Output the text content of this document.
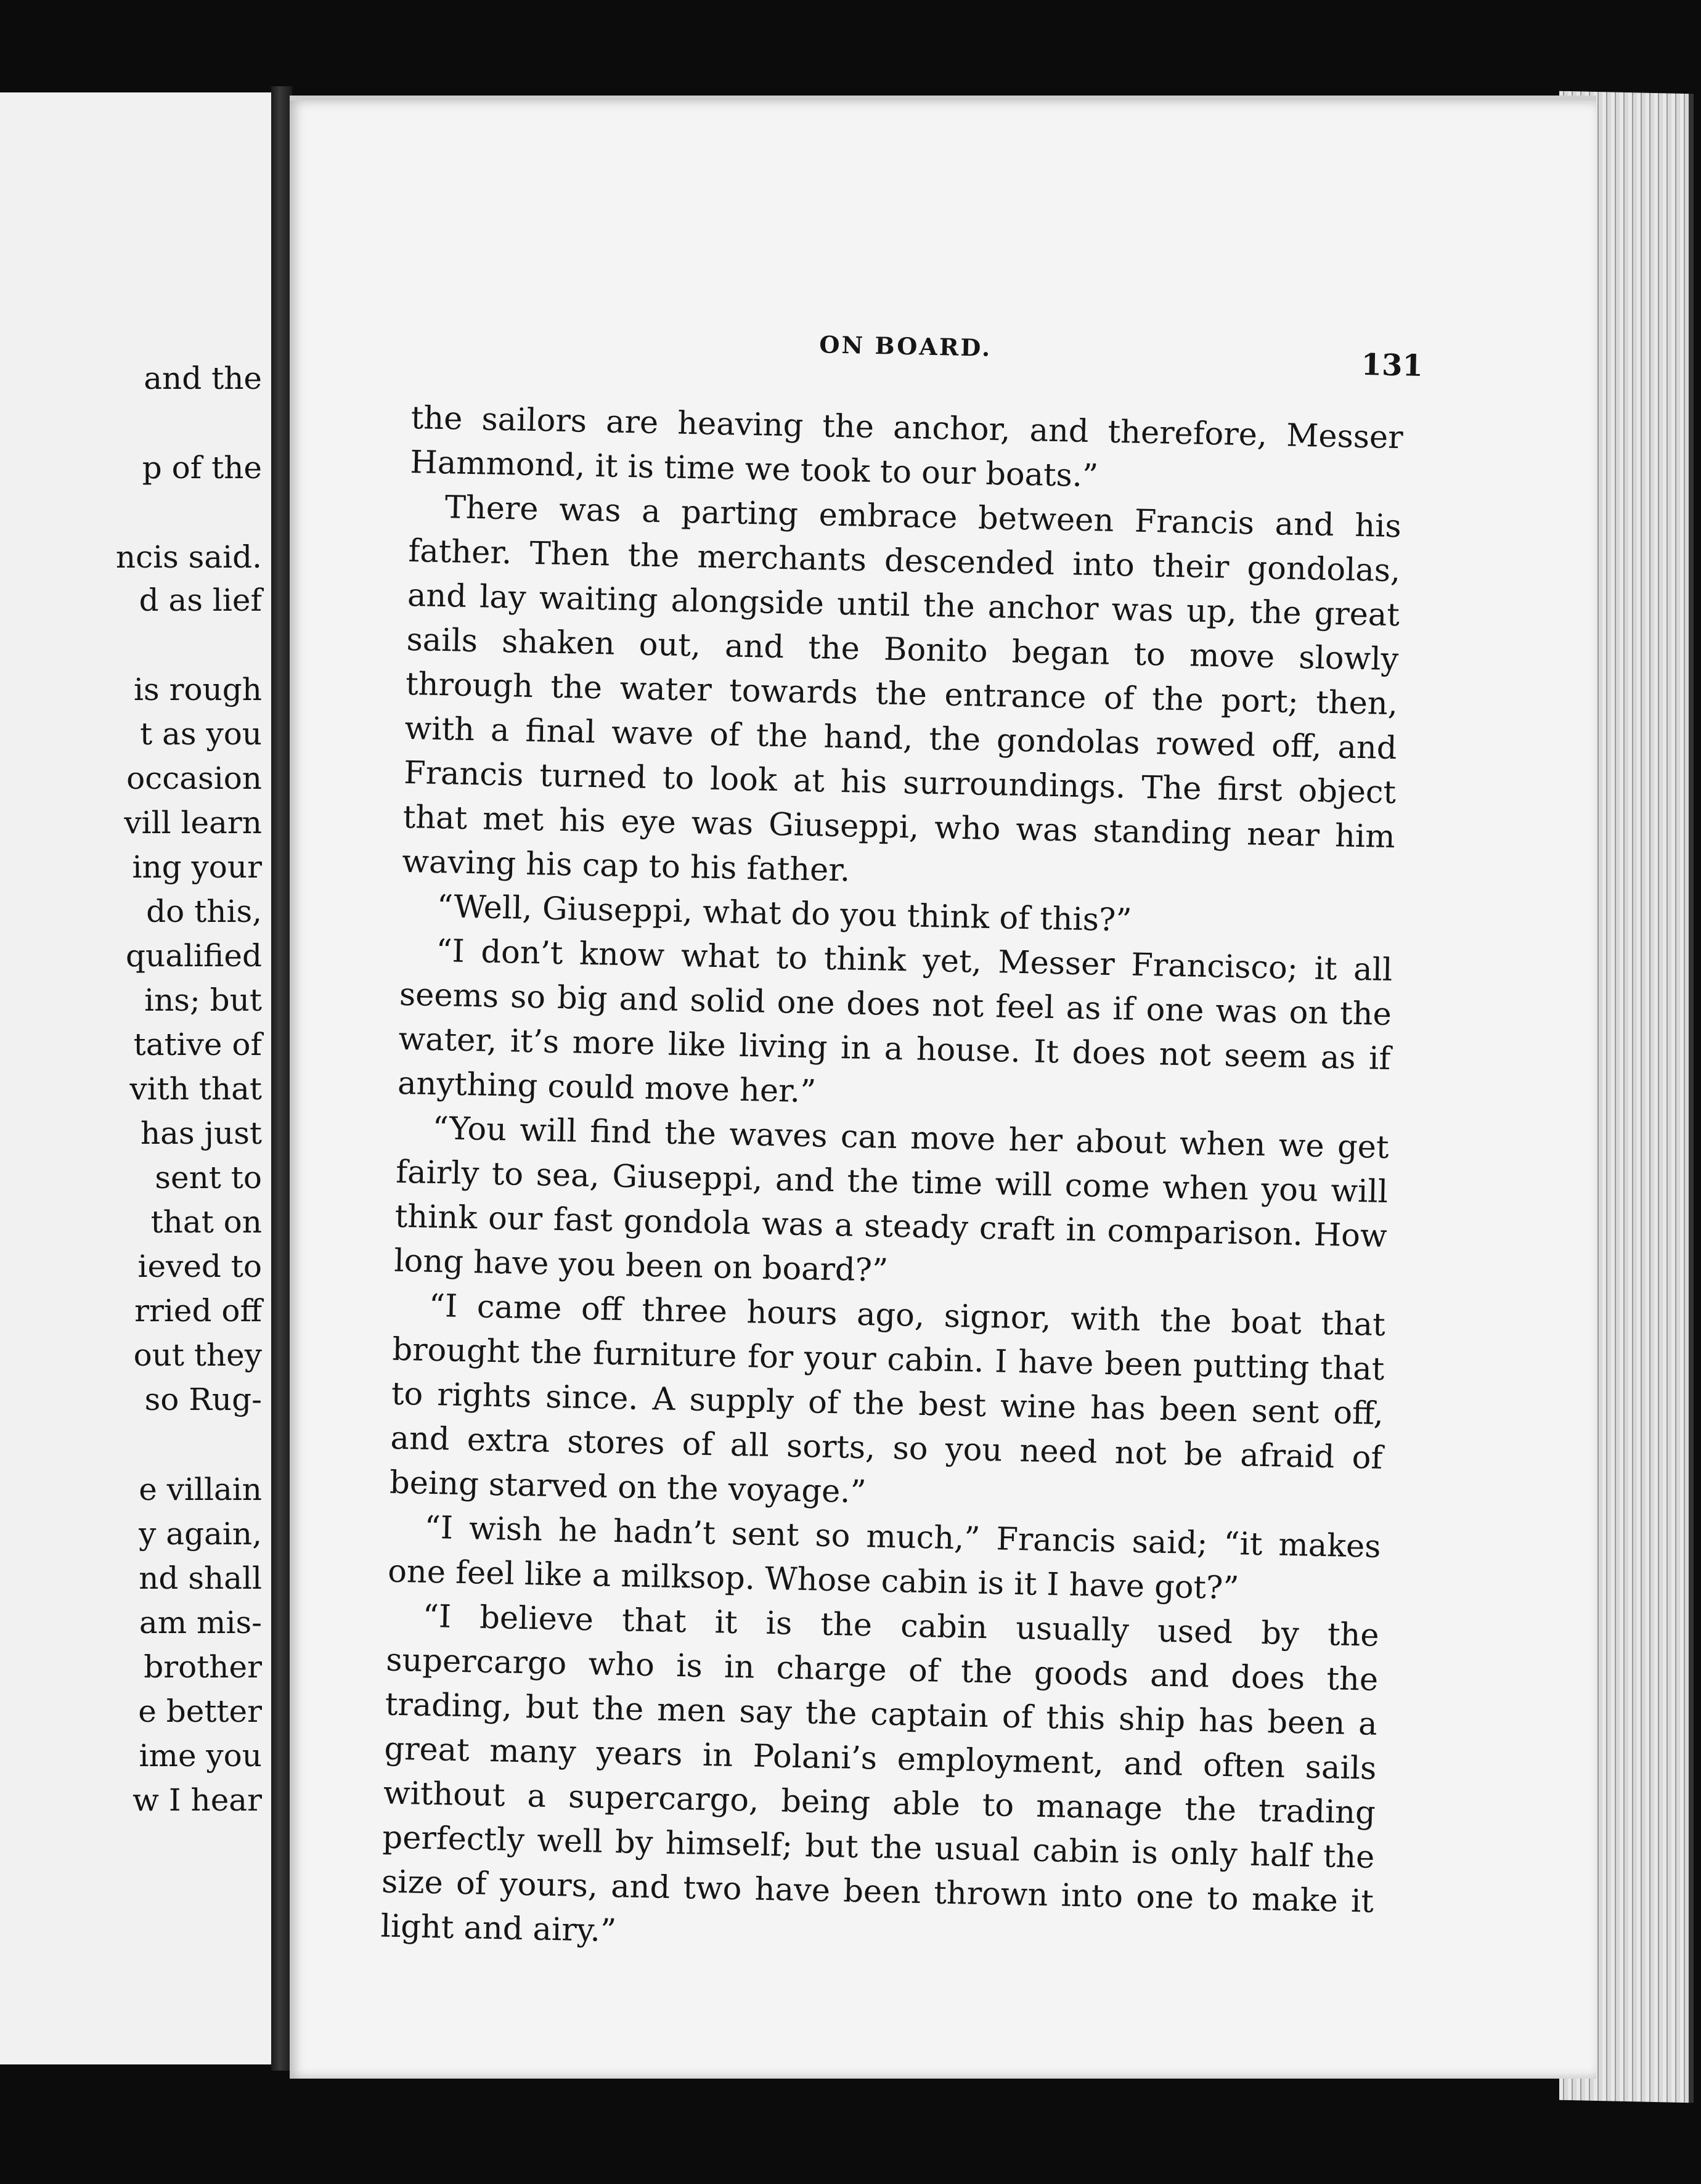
and the
p of the
ncis said.
d as lief
is rough
t as you
occasion
vill learn
ing your
do this,
qualified
ins; but
tative of
vith that
has just
sent to
that on
ieved to
rried off
out they
so Rug-
e villain
y again,
nd shall
am mis-
brother
e better
ime you
w I hear
ON BOARD.
131

the sailors are heaving the anchor, and therefore, Messer Hammond, it is time we took to our boats.”

There was a parting embrace between Francis and his father. Then the merchants descended into their gondolas, and lay waiting alongside until the anchor was up, the great sails shaken out, and the Bonito began to move slowly through the water towards the entrance of the port; then, with a final wave of the hand, the gondolas rowed off, and Francis turned to look at his surroundings. The first object that met his eye was Giuseppi, who was standing near him waving his cap to his father.

“Well, Giuseppi, what do you think of this?”

“I don’t know what to think yet, Messer Francisco; it all seems so big and solid one does not feel as if one was on the water, it’s more like living in a house. It does not seem as if anything could move her.”

“You will find the waves can move her about when we get fairly to sea, Giuseppi, and the time will come when you will think our fast gondola was a steady craft in comparison. How long have you been on board?”

“I came off three hours ago, signor, with the boat that brought the furniture for your cabin. I have been putting that to rights since. A supply of the best wine has been sent off, and extra stores of all sorts, so you need not be afraid of being starved on the voyage.”

“I wish he hadn’t sent so much,” Francis said; “it makes one feel like a milksop. Whose cabin is it I have got?”

“I believe that it is the cabin usually used by the supercargo who is in charge of the goods and does the trading, but the men say the captain of this ship has been a great many years in Polani’s employment, and often sails without a supercargo, being able to manage the trading perfectly well by himself; but the usual cabin is only half the size of yours, and two have been thrown into one to make it light and airy.”
